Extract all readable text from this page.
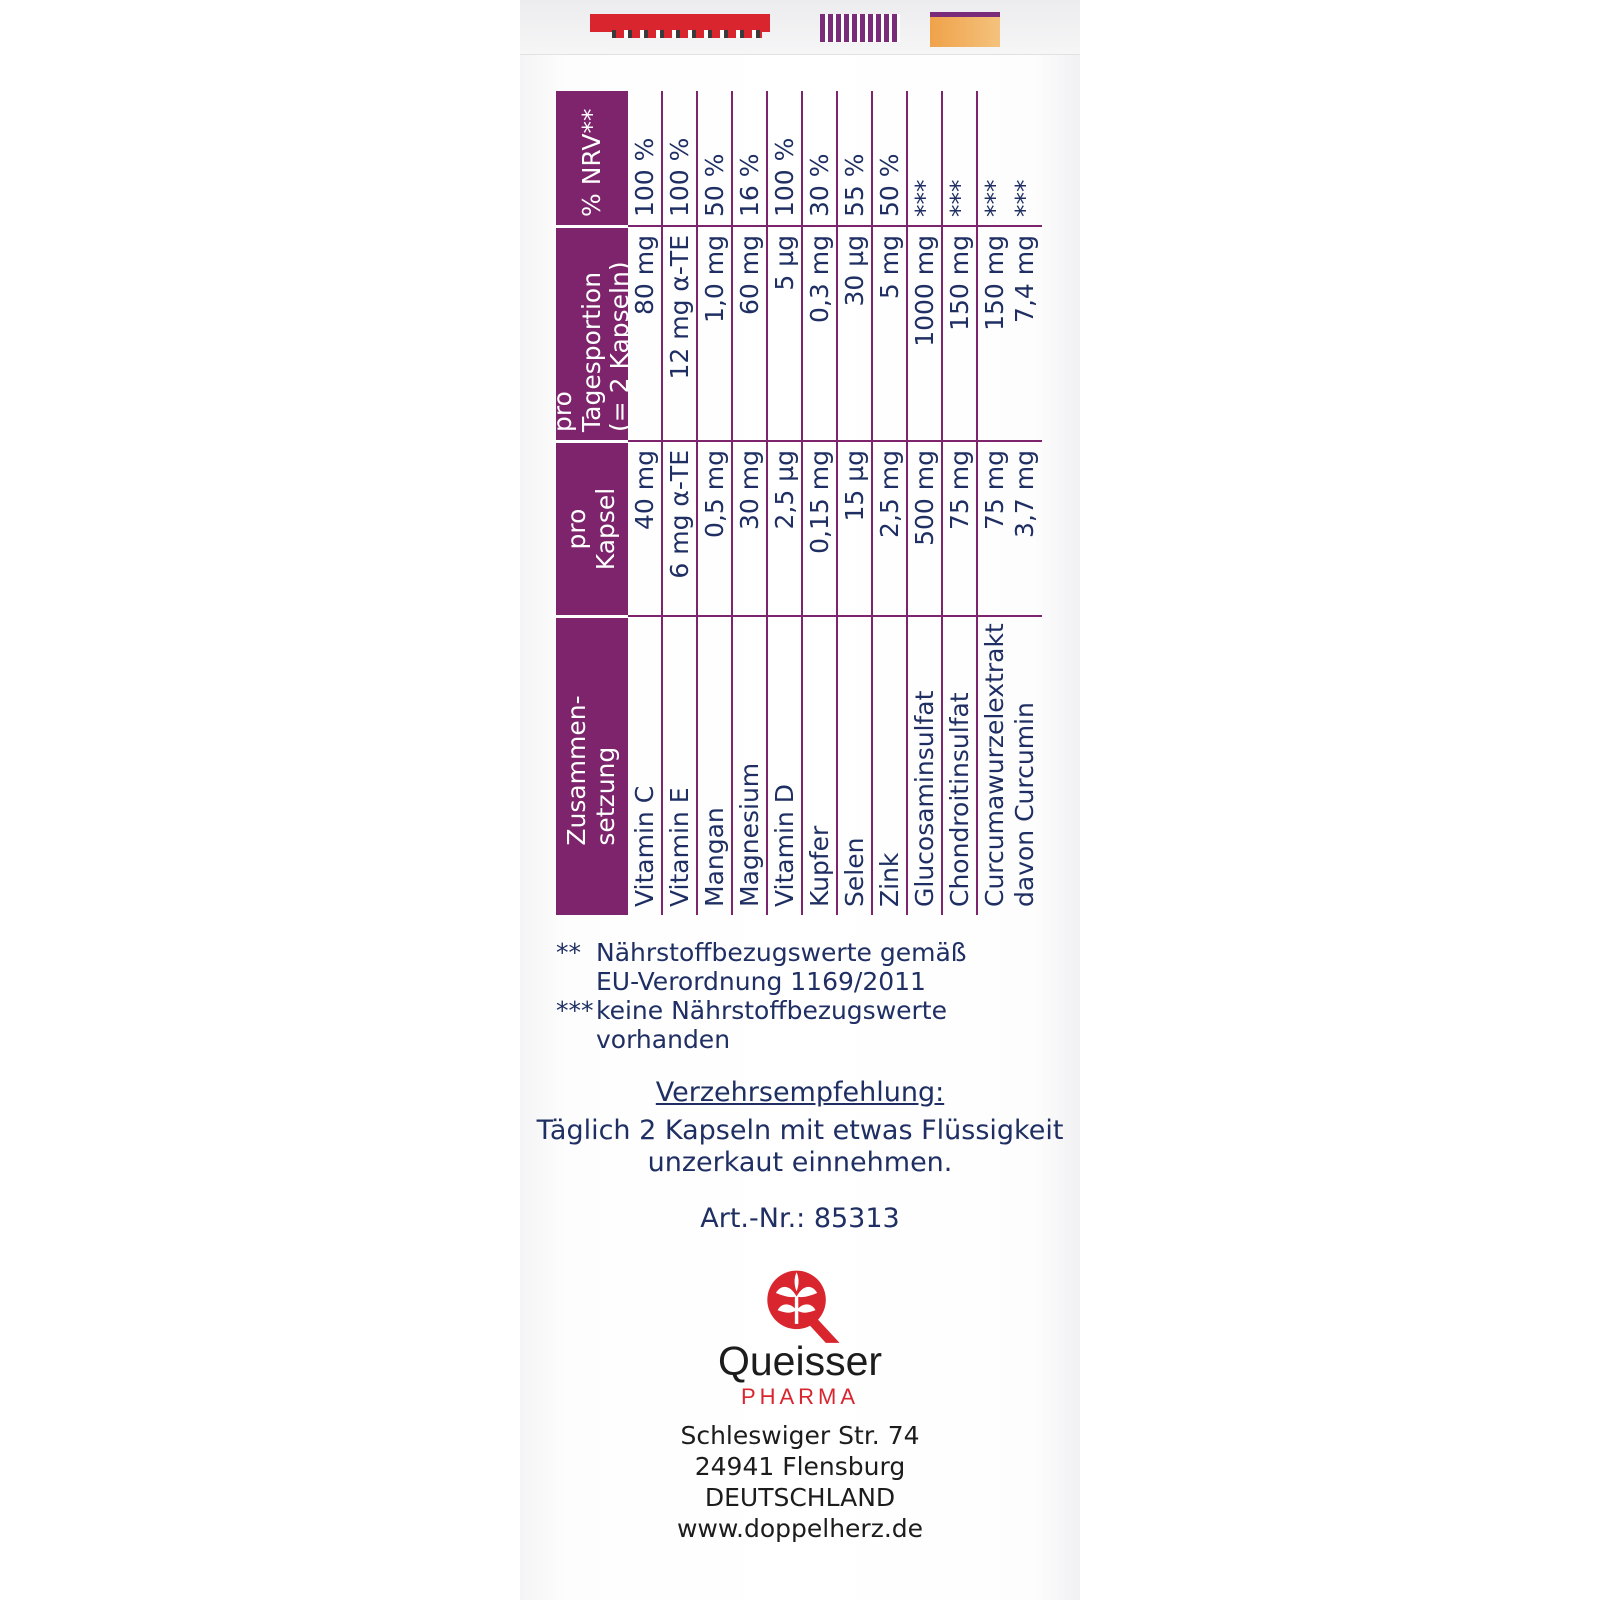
Zusammen-
setzung
pro
Kapsel
pro Tagesportion
(= 2 Kapseln)
% NRV**
Vitamin C
40 mg
80 mg
100 %
Vitamin E
6 mg α-TE
12 mg α-TE
100 %
Mangan
0,5 mg
1,0 mg
50 %
Magnesium
30 mg
60 mg
16 %
Vitamin D
2,5 µg
5 µg
100 %
Kupfer
0,15 mg
0,3 mg
30 %
Selen
15 µg
30 µg
55 %
Zink
2,5 mg
5 mg
50 %
Glucosaminsulfat
500 mg
1000 mg
***
Chondroitinsulfat
75 mg
150 mg
***
Curcumawurzelextrakt davon Curcumin
75 mg 3,7 mg
150 mg 7,4 mg
*** ***
** Nährstoffbezugswerte gemäß
EU-Verordnung 1169/2011
*** keine Nährstoffbezugswerte
vorhanden
Verzehrsempfehlung:
Täglich 2 Kapseln mit etwas Flüssigkeit
unzerkaut einnehmen.
Art.-Nr.: 85313
Queisser
PHARMA
Schleswiger Str. 74
24941 Flensburg
DEUTSCHLAND
www.doppelherz.de
